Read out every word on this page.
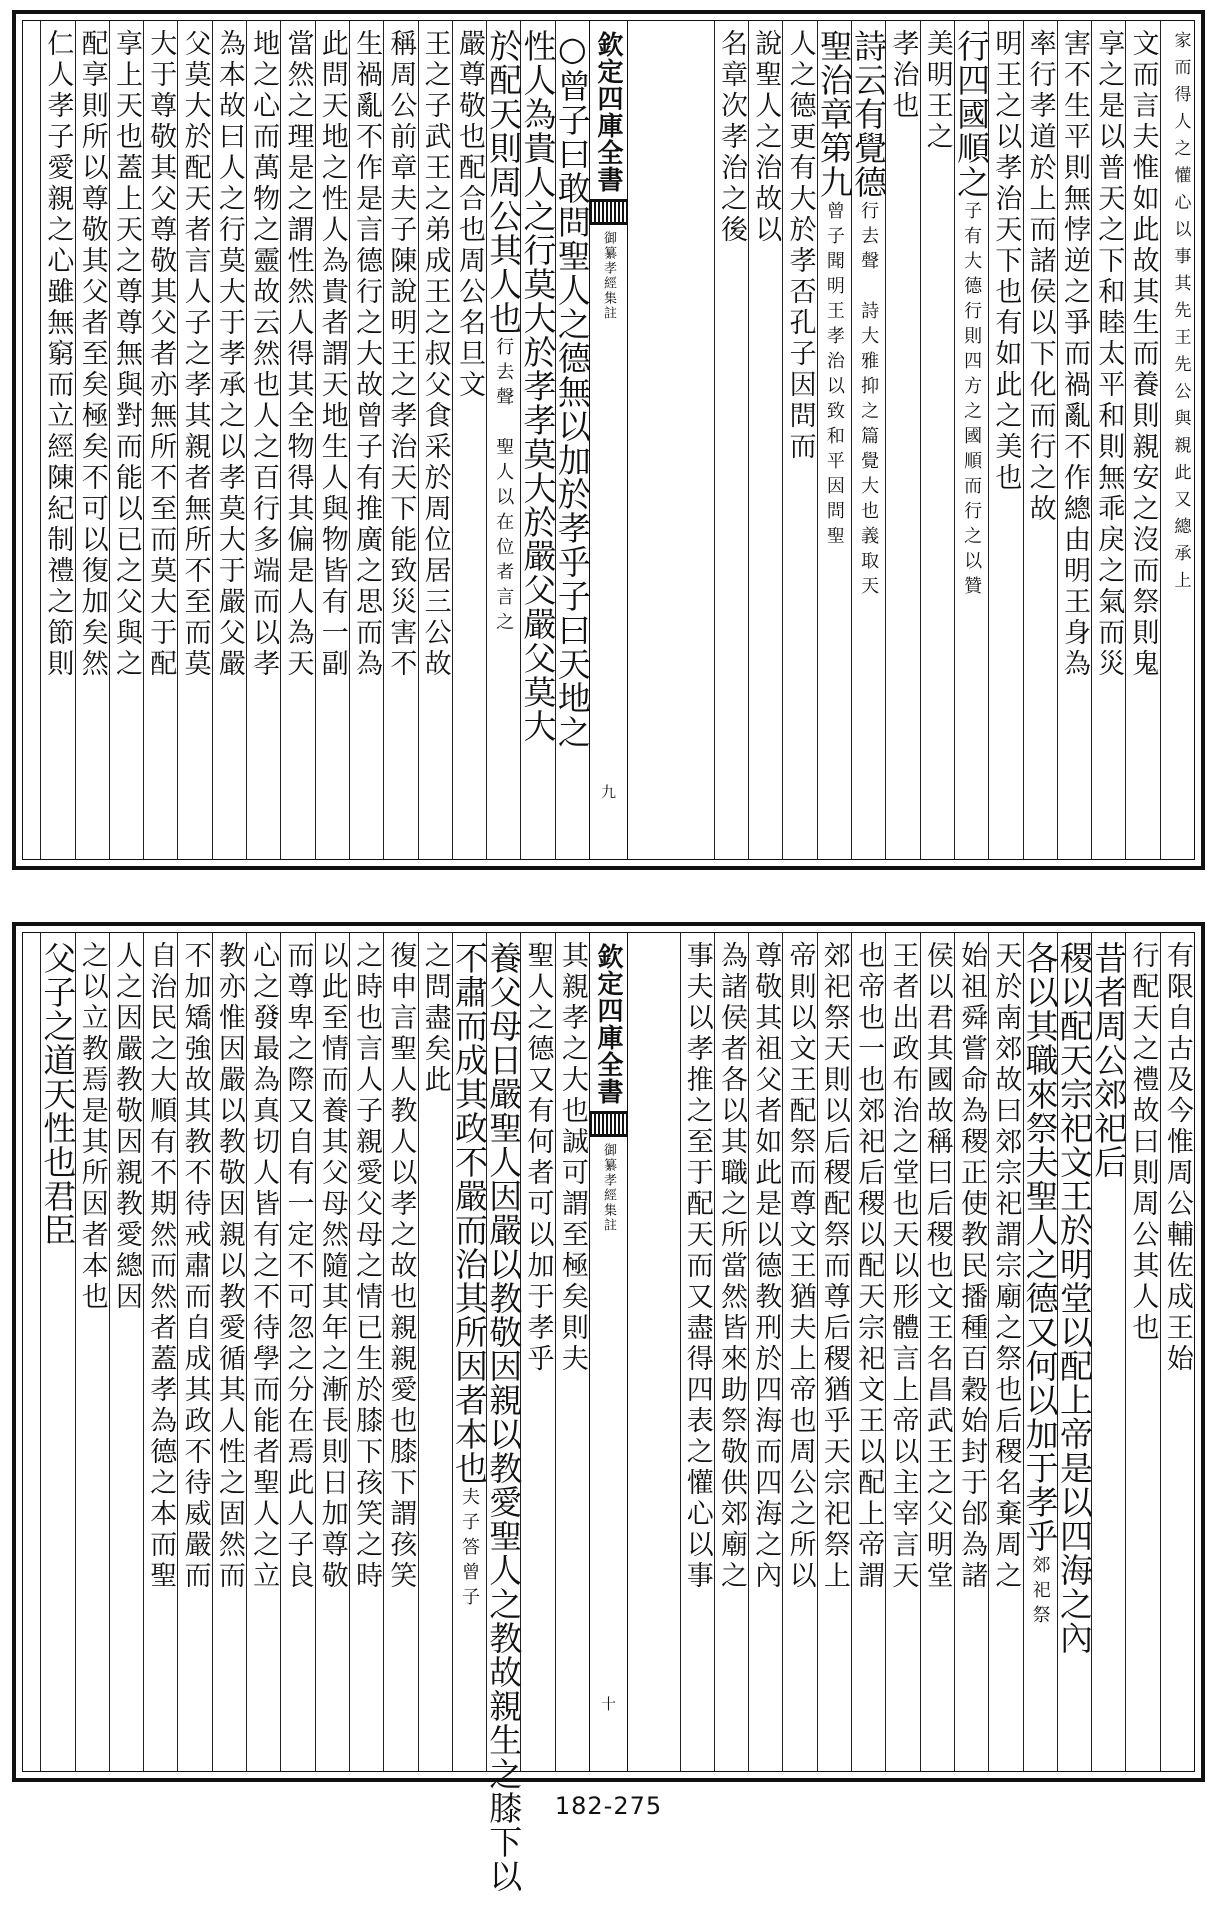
家而得人之懽心以事其先王先公與親此又總承上
文而言夫惟如此故其生而養則親安之沒而祭則鬼
享之是以普天之下和睦太平和則無乖戾之氣而災
害不生平則無悖逆之爭而禍亂不作總由明王身為
率行孝道於上而諸侯以下化而行之故
明王之以孝治天下也有如此之美也
行四國順之子有大德行則四方之國順而行之以贊
美明王之
孝治也
詩云有覺德行去聲　詩大雅抑之篇覺大也義取天
聖治章第九曾子聞明王孝治以致和平因問聖
人之德更有大於孝否孔子因問而
說聖人之治故以
名章次孝治之後
欽定四庫全書
御纂孝經集註
九
○曾子曰敢問聖人之德無以加於孝乎子曰天地之
性人為貴人之行莫大於孝孝莫大於嚴父嚴父莫大
於配天則周公其人也行去聲　聖人以在位者言之
嚴尊敬也配合也周公名旦文
王之子武王之弟成王之叔父食采於周位居三公故
稱周公前章夫子陳說明王之孝治天下能致災害不
生禍亂不作是言德行之大故曾子有推廣之思而為
此問天地之性人為貴者謂天地生人與物皆有一副
當然之理是之謂性然人得其全物得其偏是人為天
地之心而萬物之靈故云然也人之百行多端而以孝
為本故曰人之行莫大于孝承之以孝莫大于嚴父嚴
父莫大於配天者言人子之孝其親者無所不至而莫
大于尊敬其父尊敬其父者亦無所不至而莫大于配
享上天也蓋上天之尊尊無與對而能以已之父與之
配享則所以尊敬其父者至矣極矣不可以復加矣然
仁人孝子愛親之心雖無窮而立經陳紀制禮之節則
有限自古及今惟周公輔佐成王始
行配天之禮故曰則周公其人也
昔者周公郊祀后
稷以配天宗祀文王於明堂以配上帝是以四海之內
各以其職來祭夫聖人之德又何以加于孝乎郊祀祭
天於南郊故曰郊宗祀謂宗廟之祭也后稷名棄周之
始祖舜嘗命為稷正使教民播種百穀始封于邰為諸
侯以君其國故稱曰后稷也文王名昌武王之父明堂
王者出政布治之堂也天以形體言上帝以主宰言天
也帝也一也郊祀后稷以配天宗祀文王以配上帝謂
郊祀祭天則以后稷配祭而尊后稷猶乎天宗祀祭上
帝則以文王配祭而尊文王猶夫上帝也周公之所以
尊敬其祖父者如此是以德教刑於四海而四海之內
為諸侯者各以其職之所當然皆來助祭敬供郊廟之
事夫以孝推之至于配天而又盡得四表之懽心以事
欽定四庫全書
御纂孝經集註
十
其親孝之大也誠可謂至極矣則夫
聖人之德又有何者可以加于孝乎
養父母日嚴聖人因嚴以教敬因親以教愛聖人之教故親生之膝下以
不肅而成其政不嚴而治其所因者本也夫子答曾子
之問盡矣此
復申言聖人教人以孝之故也親親愛也膝下謂孩笑
之時也言人子親愛父母之情已生於膝下孩笑之時
以此至情而養其父母然隨其年之漸長則日加尊敬
而尊卑之際又自有一定不可忽之分在焉此人子良
心之發最為真切人皆有之不待學而能者聖人之立
教亦惟因嚴以教敬因親以教愛循其人性之固然而
不加矯強故其教不待戒肅而自成其政不待威嚴而
自治民之大順有不期然而然者蓋孝為德之本而聖
人之因嚴教敬因親教愛總因
之以立教焉是其所因者本也
父子之道天性也君臣
182-275
